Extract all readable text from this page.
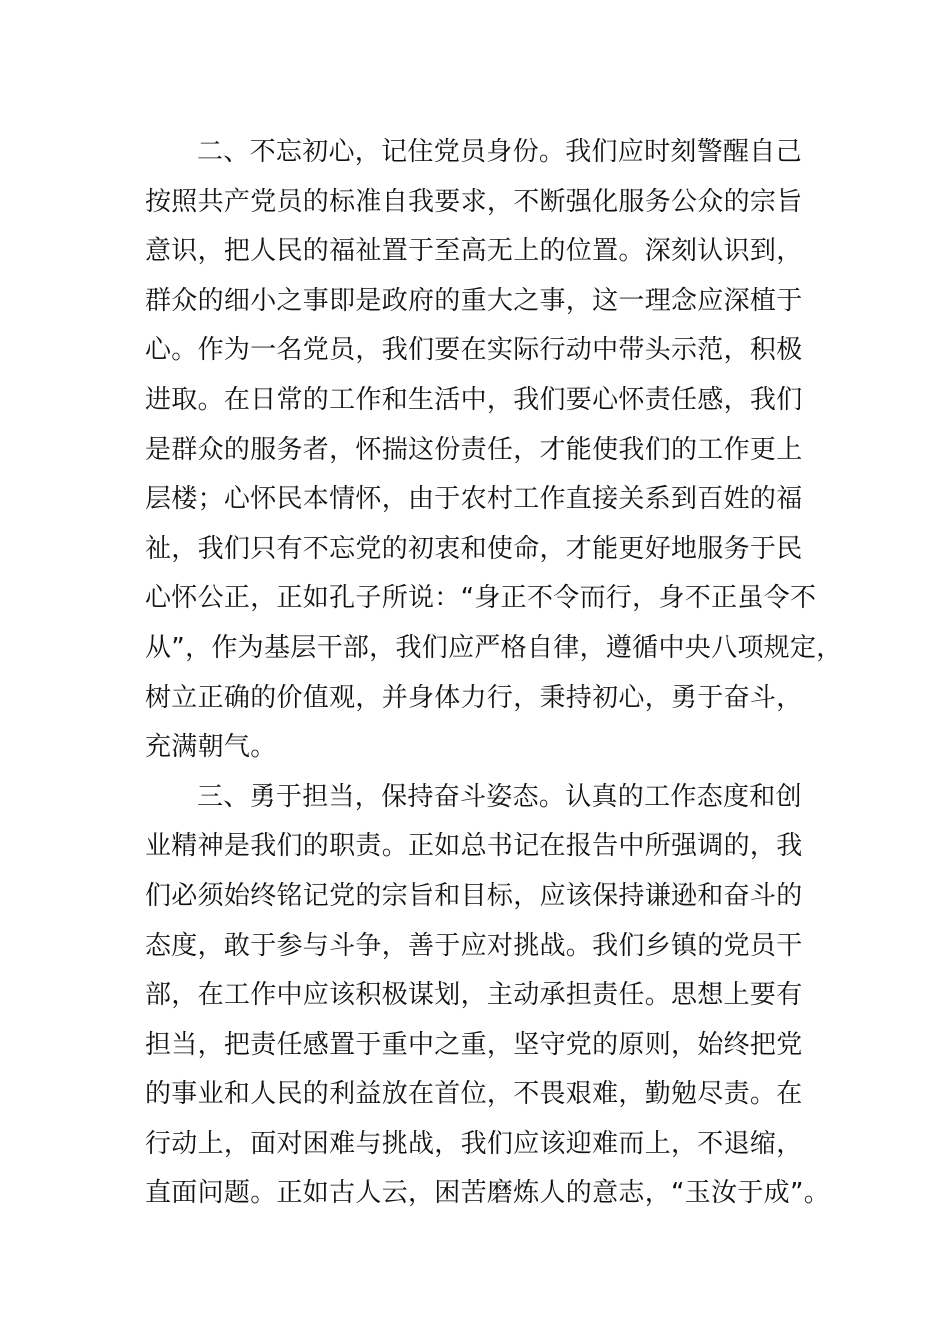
二、不忘初心，记住党员身份。我们应时刻警醒自己
按照共产党员的标准自我要求，不断强化服务公众的宗旨
意识，把人民的福祉置于至高无上的位置。深刻认识到，
群众的细小之事即是政府的重大之事，这一理念应深植于
心。作为一名党员，我们要在实际行动中带头示范，积极
进取。在日常的工作和生活中，我们要心怀责任感，我们
是群众的服务者，怀揣这份责任，才能使我们的工作更上
层楼；心怀民本情怀，由于农村工作直接关系到百姓的福
祉，我们只有不忘党的初衷和使命，才能更好地服务于民
心怀公正，正如孔子所说：“身正不令而行，身不正虽令不
从”，作为基层干部，我们应严格自律，遵循中央八项规定，
树立正确的价值观，并身体力行，秉持初心，勇于奋斗，
充满朝气。
三、勇于担当，保持奋斗姿态。认真的工作态度和创
业精神是我们的职责。正如总书记在报告中所强调的，我
们必须始终铭记党的宗旨和目标，应该保持谦逊和奋斗的
态度，敢于参与斗争，善于应对挑战。我们乡镇的党员干
部，在工作中应该积极谋划，主动承担责任。思想上要有
担当，把责任感置于重中之重，坚守党的原则，始终把党
的事业和人民的利益放在首位，不畏艰难，勤勉尽责。在
行动上，面对困难与挑战，我们应该迎难而上，不退缩，
直面问题。正如古人云，困苦磨炼人的意志，“玉汝于成”。
